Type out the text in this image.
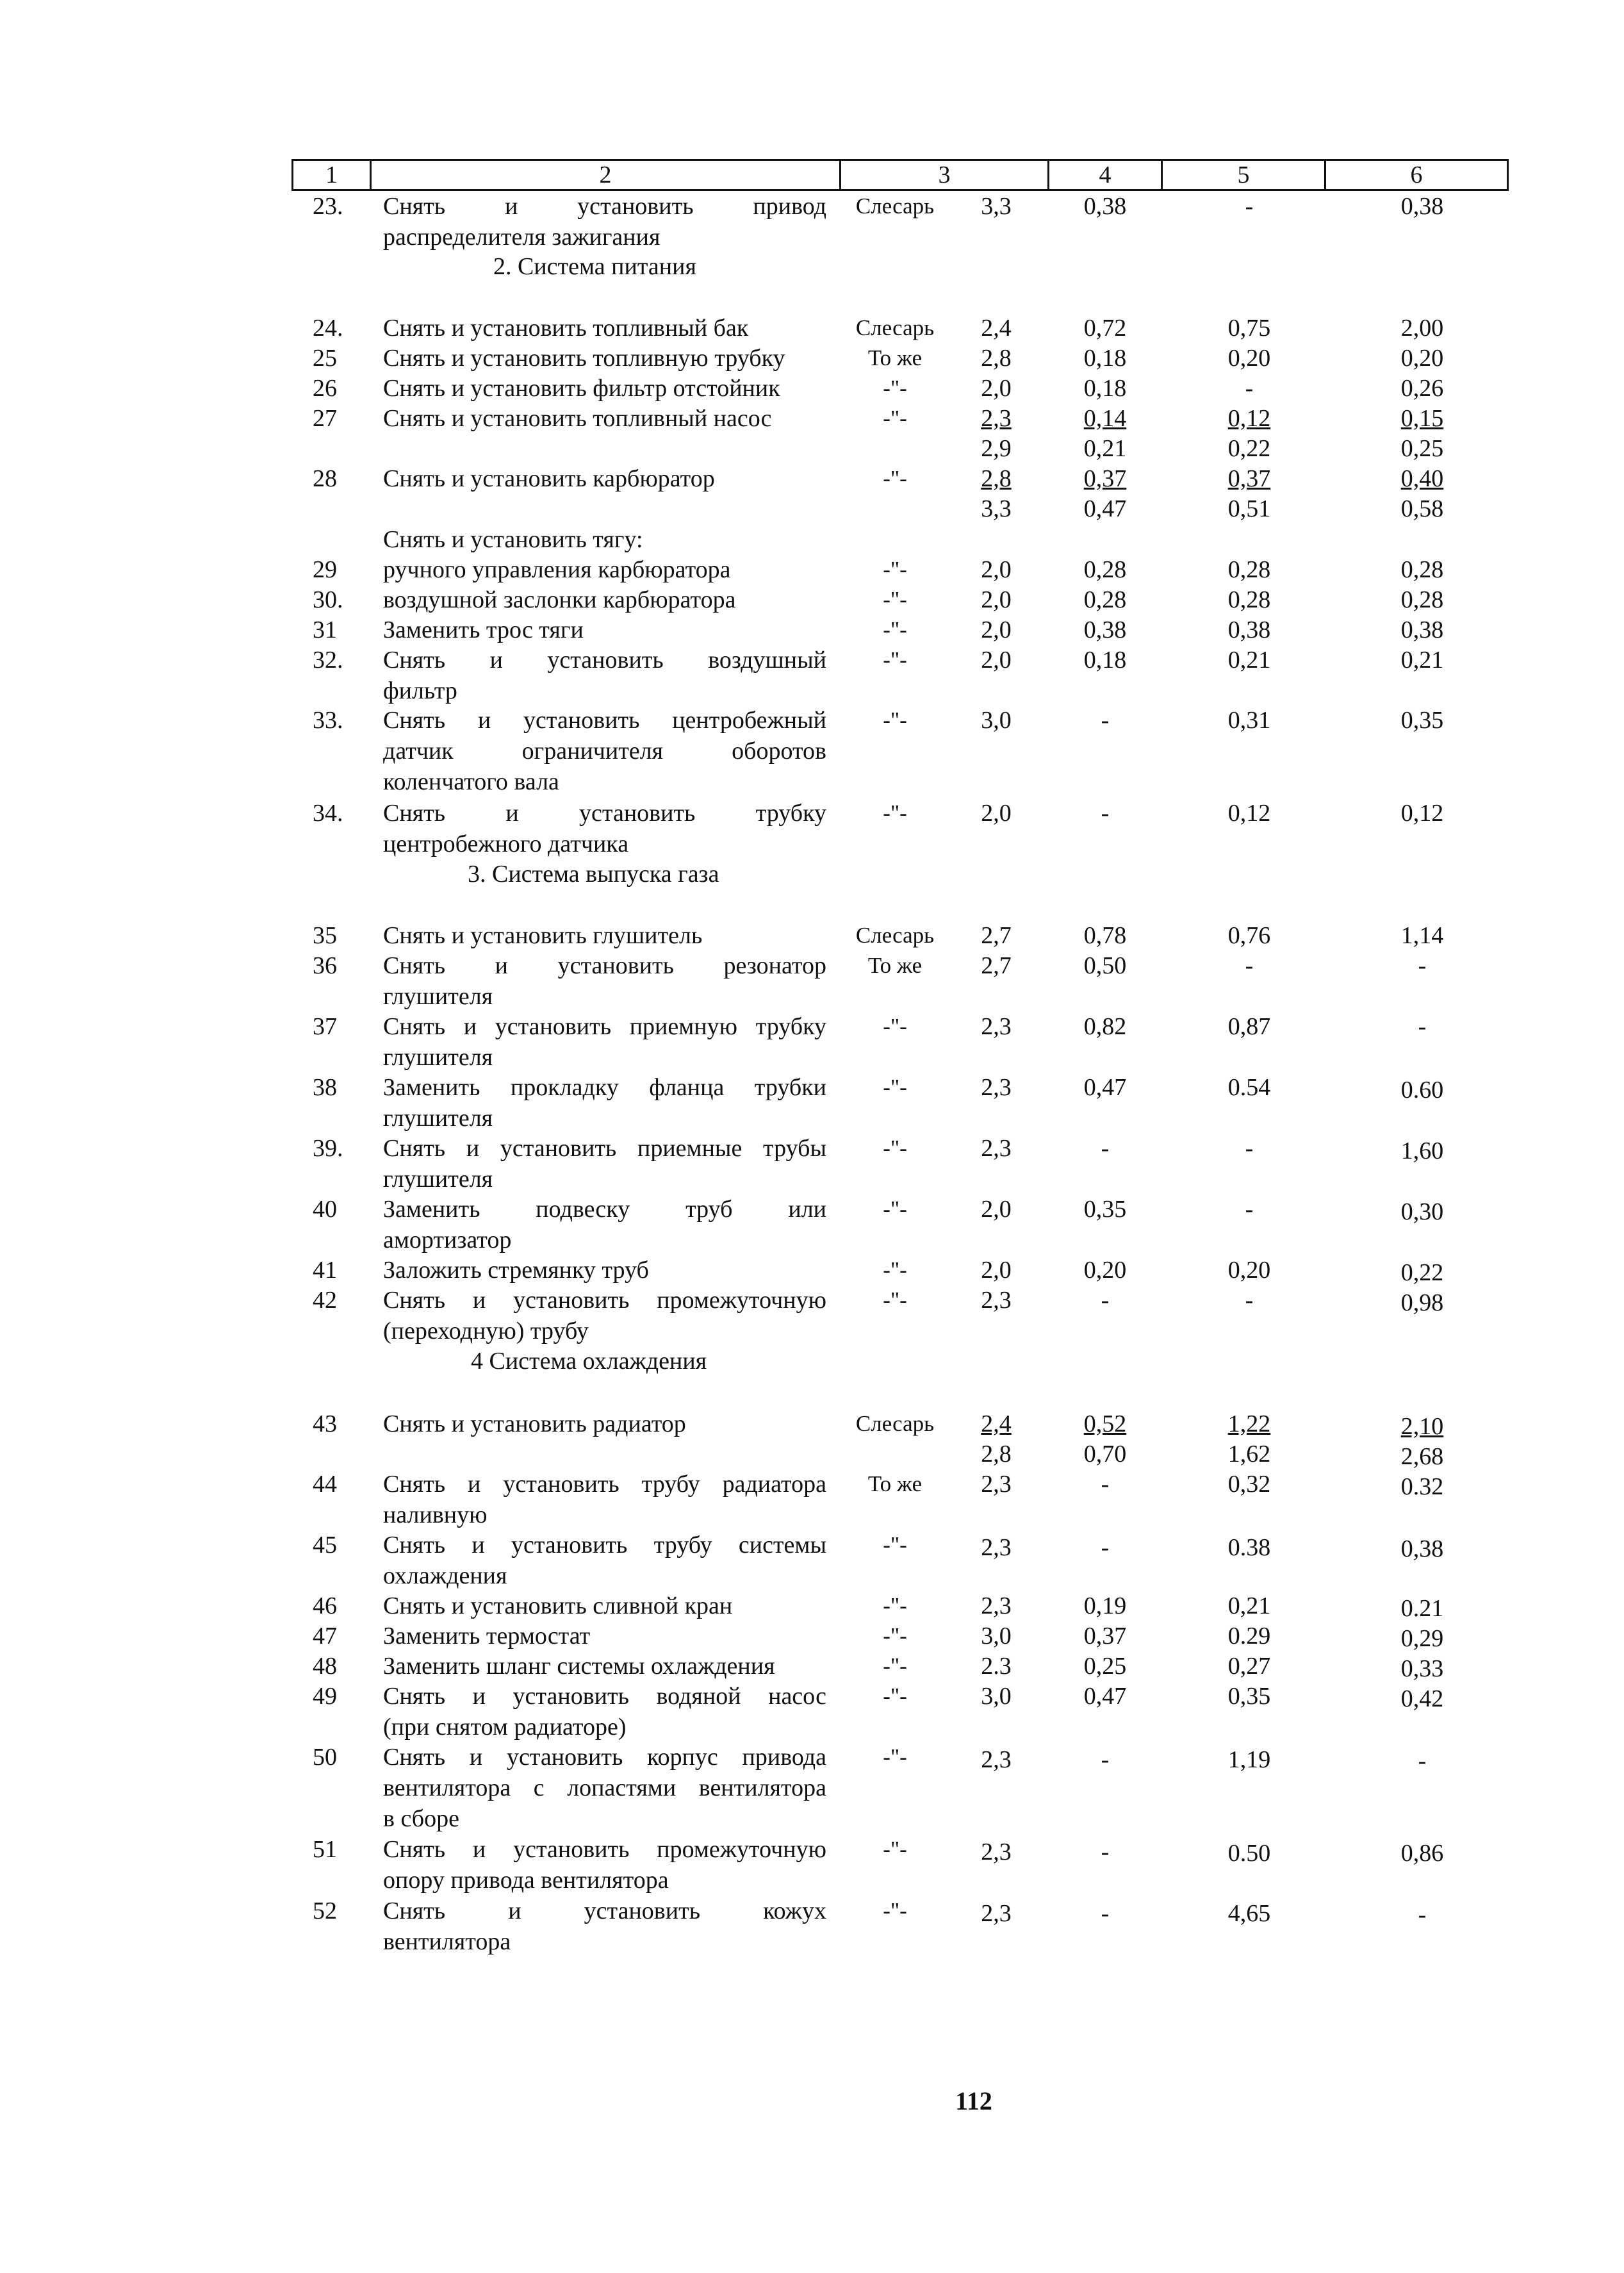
1	2	3	4	5	6
23.	Снять и установить привод
распределителя зажигания
Слесарь	3,3	0,38	-	0,38
2. Система питания
24.	Снять и установить топливный бак	Слесарь	2,4	0,72	0,75	2,00
25	Снять и установить топливную трубку	То же	2,8	0,18	0,20	0,20
26	Снять и установить фильтр отстойник	-"-	2,0	0,18	-	0,26
27	Снять и установить топливный насос	-"-	2,3	0,14	0,12	0,15
2,9	0,21	0,22	0,25
28	Снять и установить карбюратор	-"-	2,8	0,37	0,37	0,40
3,3	0,47	0,51	0,58
Снять и установить тягу:
29	ручного управления карбюратора	-"-	2,0	0,28	0,28	0,28
30.	воздушной заслонки карбюратора	-"-	2,0	0,28	0,28	0,28
31	Заменить трос тяги	-"-	2,0	0,38	0,38	0,38
32.	Снять и установить воздушный
фильтр
-"-	2,0	0,18	0,21	0,21
33.	Снять и установить центробежный
датчик ограничителя оборотов
коленчатого вала
-"-	3,0	-	0,31	0,35
34.	Снять и установить трубку
центробежного датчика
-"-	2,0	-	0,12	0,12
3. Система выпуска газа
35	Снять и установить глушитель	Слесарь	2,7	0,78	0,76	1,14
36	Снять и установить резонатор
глушителя
То же	2,7	0,50	-	-
37	Снять и установить приемную трубку
глушителя
-"-	2,3	0,82	0,87	-
38	Заменить прокладку фланца трубки
глушителя
-"-	2,3	0,47	0.54	0.60
39.	Снять и установить приемные трубы
глушителя
-"-	2,3	-	-	1,60
40	Заменить подвеску труб или
амортизатор
-"-	2,0	0,35	-	0,30
41	Заложить стремянку труб	-"-	2,0	0,20	0,20	0,22
42	Снять и установить промежуточную
(переходную) трубу
-"-	2,3	-	-	0,98
4 Система охлаждения
43	Снять и установить радиатор	Слесарь	2,4	0,52	1,22	2,10
2,8	0,70	1,62	2,68
44	Снять и установить трубу радиатора
наливную
То же	2,3	-	0,32	0.32
45	Снять и установить трубу системы
охлаждения
-"-	2,3	-	0.38	0,38
46	Снять и установить сливной кран	-"-	2,3	0,19	0,21	0.21
47	Заменить термостат	-"-	3,0	0,37	0.29	0,29
48	Заменить шланг системы охлаждения	-"-	2.3	0,25	0,27	0,33
49	Снять и установить водяной насос
(при снятом радиаторе)
-"-	3,0	0,47	0,35	0,42
50	Снять и установить корпус привода
вентилятора с лопастями вентилятора
в сборе
-"-	2,3	-	1,19	-
51	Снять и установить промежуточную
опору привода вентилятора
-"-	2,3	-	0.50	0,86
52	Снять и установить кожух
вентилятора
-"-	2,3	-	4,65	-
112
